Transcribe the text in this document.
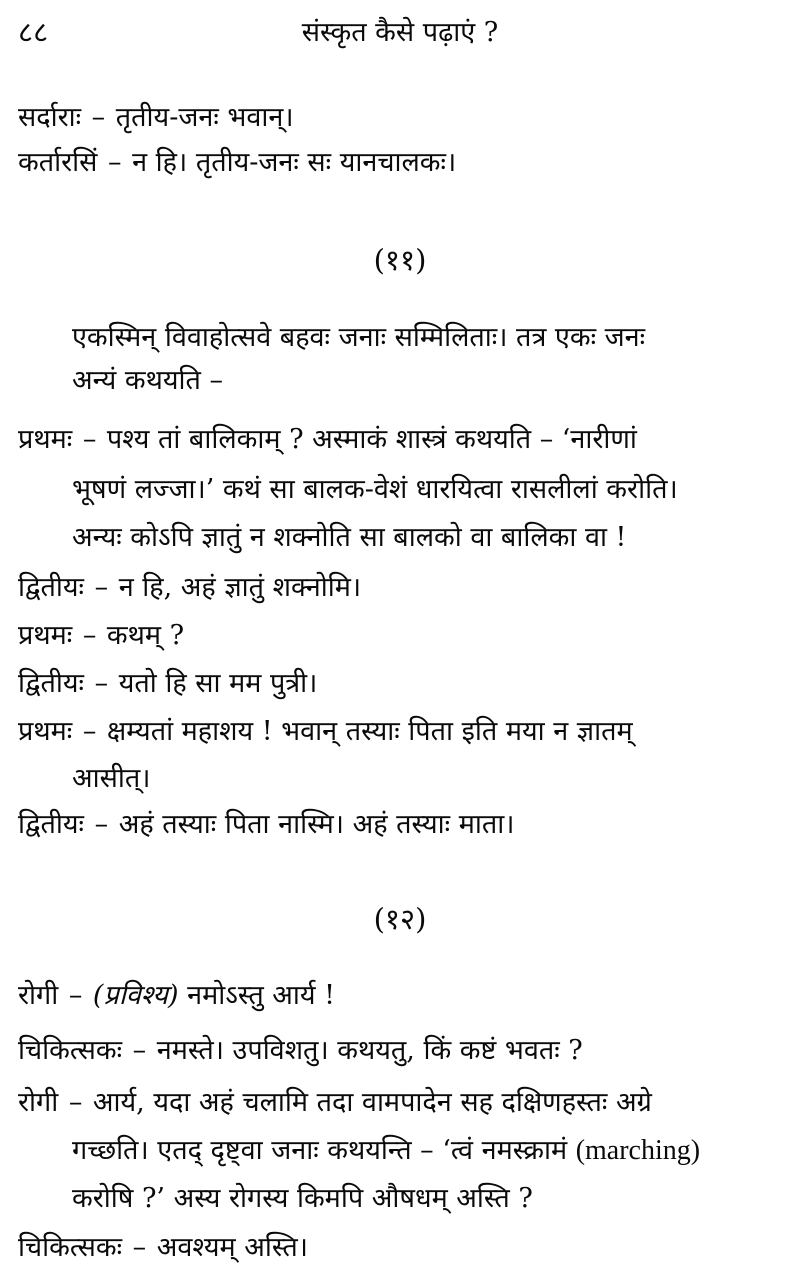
८८	संस्कृत कैसे पढ़ाएं ?
सर्दाराः – तृतीय-जनः भवान्।
कर्तारसिं – न हि। तृतीय-जनः सः यानचालकः।
(११)
एकस्मिन् विवाहोत्सवे बहवः जनाः सम्मिलिताः। तत्र एकः जनः
अन्यं कथयति –
प्रथमः – पश्य तां बालिकाम् ? अस्माकं शास्त्रं कथयति – ‘नारीणां
भूषणं लज्जा।’ कथं सा बालक-वेशं धारयित्वा रासलीलां करोति।
अन्यः कोऽपि ज्ञातुं न शक्नोति सा बालको वा बालिका वा !
द्वितीयः – न हि, अहं ज्ञातुं शक्नोमि।
प्रथमः – कथम् ?
द्वितीयः – यतो हि सा मम पुत्री।
प्रथमः – क्षम्यतां महाशय ! भवान् तस्याः पिता इति मया न ज्ञातम्
आसीत्।
द्वितीयः – अहं तस्याः पिता नास्मि। अहं तस्याः माता।
(१२)
रोगी – (प्रविश्य) नमोऽस्तु आर्य !
चिकित्सकः – नमस्ते। उपविशतु। कथयतु, किं कष्टं भवतः ?
रोगी – आर्य, यदा अहं चलामि तदा वामपादेन सह दक्षिणहस्तः अग्रे
गच्छति। एतद् दृष्ट्वा जनाः कथयन्ति – ‘त्वं नमस्क्रामं (marching)
करोषि ?’ अस्य रोगस्य किमपि औषधम् अस्ति ?
चिकित्सकः – अवश्यम् अस्ति।
